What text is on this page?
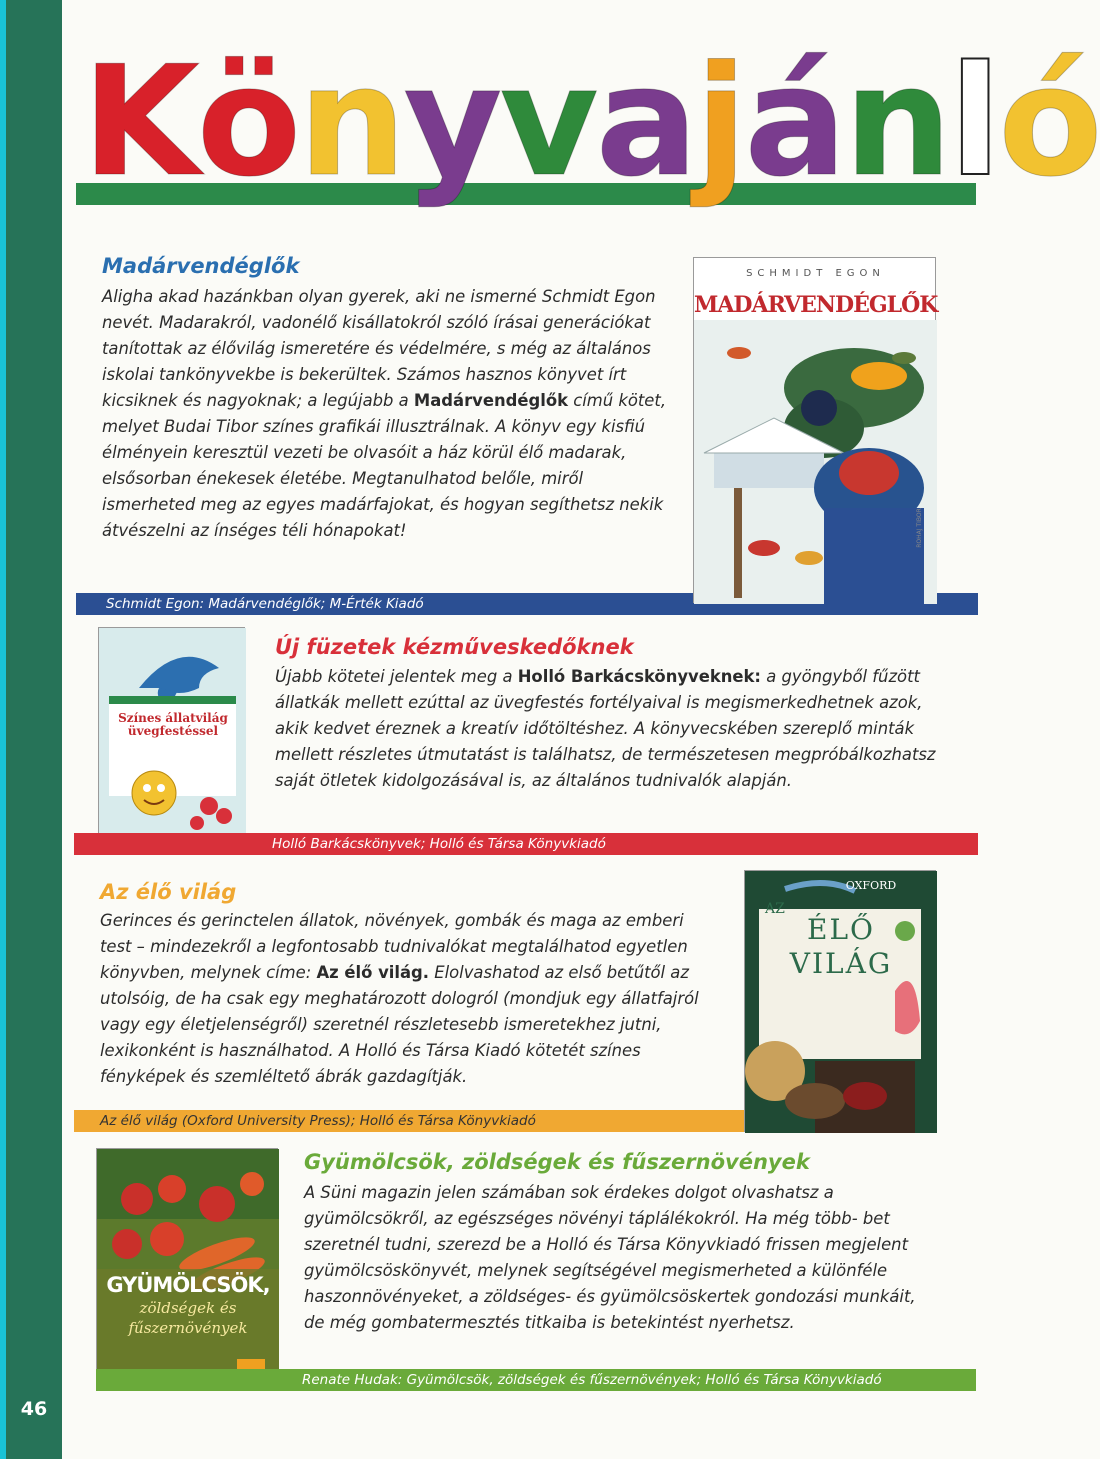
46
Könyvajánló
Madárvendéglők

Aligha akad hazánkban olyan gyerek, aki ne ismerné Schmidt Egon nevét. Madarakról, vadonélő kisállatokról szóló írásai generációkat tanítottak az élővilág ismeretére és védelmére, s még az általános iskolai tankönyvekbe is bekerültek. Számos hasznos könyvet írt kicsiknek és nagyoknak; a legújabb a Madárvendéglők című kötet, melyet Budai Tibor színes grafikái illusztrálnak. A könyv egy kisfiú élményein keresztül vezeti be olvasóit a ház körül élő madarak, elsősorban énekesek életébe. Megtanulhatod belőle, miről ismerheted meg az egyes madárfajokat, és hogyan segíthetsz nekik átvészelni az ínséges téli hónapokat!

Schmidt Egon: Madárvendéglők; M-Érték Kiadó
SCHMIDT EGON
MADÁRVENDÉGLŐK
ROHAJ TIBOR
Színes állatvilág üvegfestéssel
Új füzetek kézműveskedőknek

Újabb kötetei jelentek meg a Holló Barkácskönyveknek: a gyöngyből fűzött állatkák mellett ezúttal az üvegfestés fortélyaival is megismerkedhetnek azok, akik kedvet éreznek a kreatív időtöltéshez. A könyvecskében szereplő minták mellett részletes útmutatást is találhatsz, de természetesen megpróbálkozhatsz saját ötletek kidolgozásával is, az általános tudnivalók alapján.

Holló Barkácskönyvek; Holló és Társa Könyvkiadó
Az élő világ

Gerinces és gerinctelen állatok, növények, gombák és maga az emberi test – mindezekről a legfontosabb tudnivalókat megtalálhatod egyetlen könyvben, melynek címe: Az élő világ. Elolvashatod az első betűtől az utolsóig, de ha csak egy meghatározott dologról (mondjuk egy állatfajról vagy egy életjelenségről) szeretnél részletesebb ismeretekhez jutni, lexikonként is használhatod. A Holló és Társa Kiadó kötetét színes fényképek és szemléltető ábrák gazdagítják.

Az élő világ (Oxford University Press); Holló és Társa Könyvkiadó
OXFORD
AZ
ÉLŐ
VILÁG
GYÜMÖLCSÖK,
zöldségek és
fűszernövények
Gyümölcsök, zöldségek és fűszernövények

A Süni magazin jelen számában sok érdekes dolgot olvashatsz a gyümölcsökről, az egészséges növényi táplálékokról. Ha még több- bet szeretnél tudni, szerezd be a Holló és Társa Könyvkiadó frissen megjelent gyümölcsöskönyvét, melynek segítségével megismerheted a különféle haszonnövényeket, a zöldséges- és gyümölcsöskertek gondozási munkáit, de még gombatermesztés titkaiba is betekintést nyerhetsz.

Renate Hudak: Gyümölcsök, zöldségek és fűszernövények; Holló és Társa Könyvkiadó
